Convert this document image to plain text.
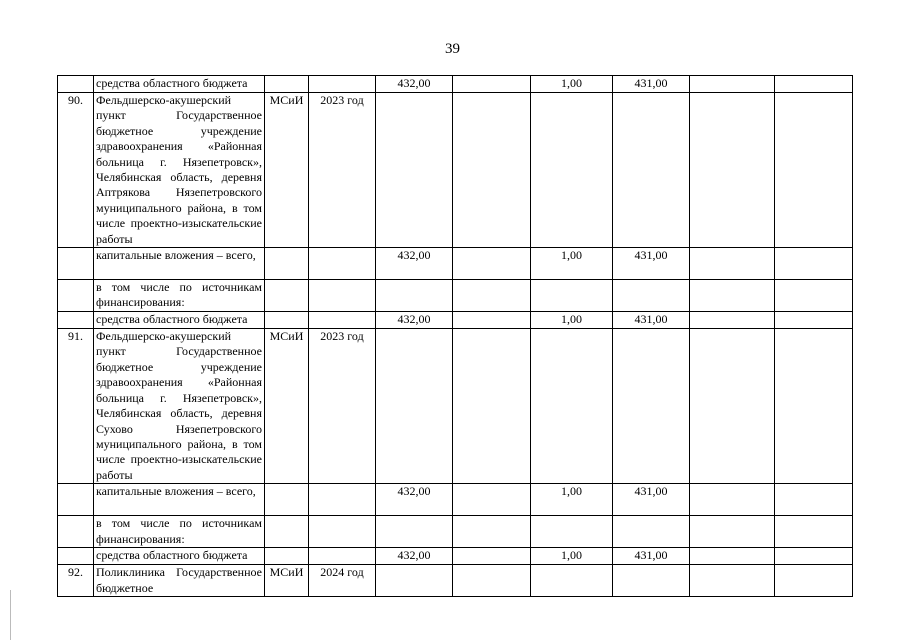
39
	средства областного бюджета			432,00		1,00	431,00		
90.	Фельдшерско-акушерский пункт Государственное бюджетное учреждение здравоохранения «Районная больница г. Нязепетровск», Челябинская область, деревня Аптрякова Нязепетровского муниципального района, в том числе проектно-изыскательские работы	МСиИ	2023 год						
	капитальные вложения – всего,			432,00		1,00	431,00		
	в том числе по источникам финансирования:								
	средства областного бюджета			432,00		1,00	431,00		
91.	Фельдшерско-акушерский пункт Государственное бюджетное учреждение здравоохранения «Районная больница г. Нязепетровск», Челябинская область, деревня Сухово Нязепетровского муниципального района, в том числе проектно-изыскательские работы	МСиИ	2023 год						
	капитальные вложения – всего,			432,00		1,00	431,00		
	в том числе по источникам финансирования:								
	средства областного бюджета			432,00		1,00	431,00		
92.	Поликлиника Государственное бюджетное	МСиИ	2024 год						
